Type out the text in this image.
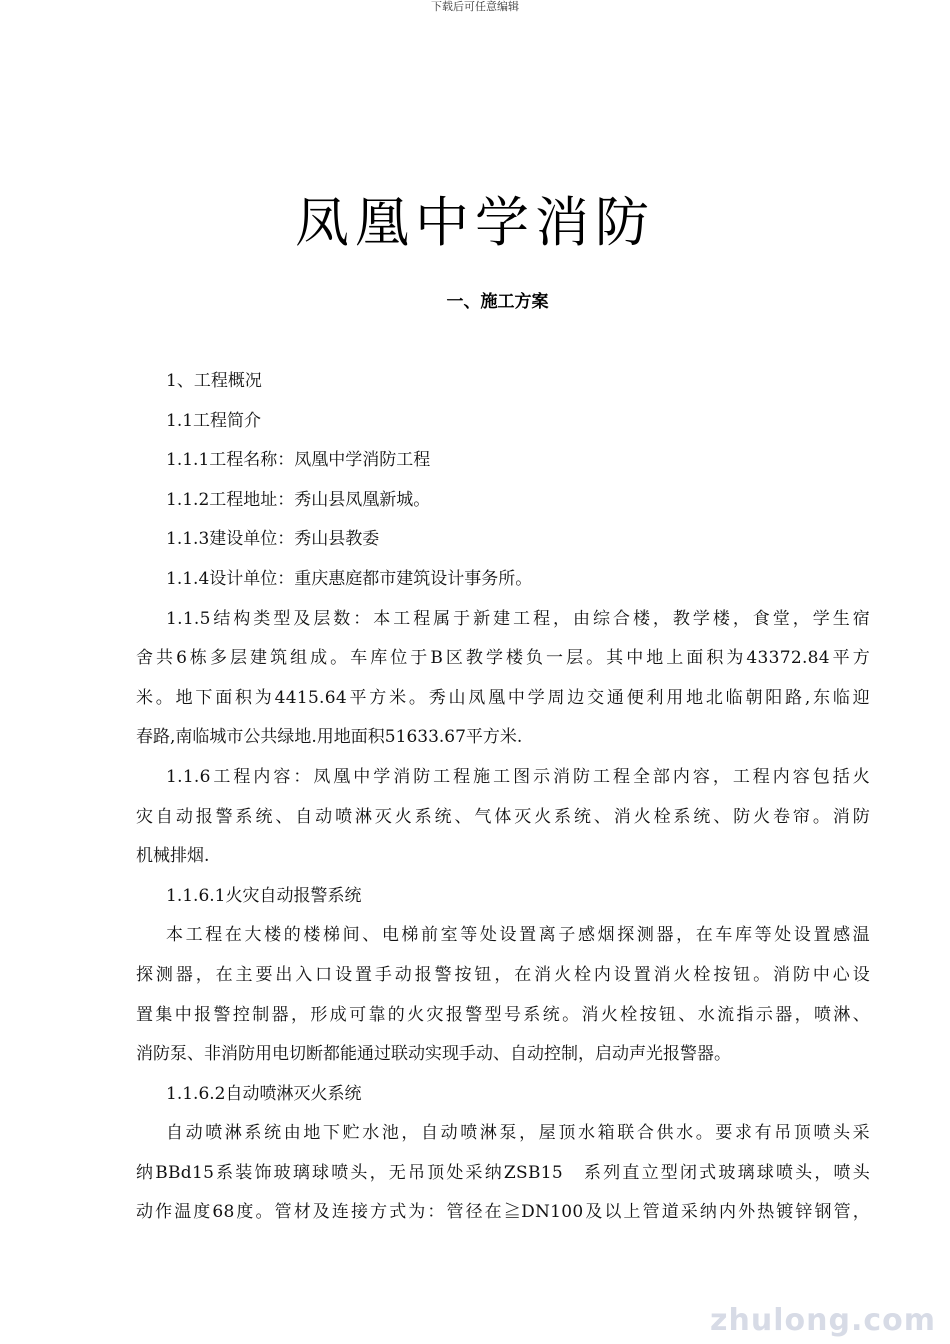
下载后可任意编辑
凤凰中学消防
一、施工方案
1、工程概况
1.1工程简介
1.1.1工程名称：凤凰中学消防工程
1.1.2工程地址：秀山县凤凰新城。
1.1.3建设单位：秀山县教委
1.1.4设计单位：重庆惠庭都市建筑设计事务所。
1.1.5结构类型及层数：本工程属于新建工程，由综合楼，教学楼，食堂，学生宿
舍共6栋多层建筑组成。车库位于B区教学楼负一层。其中地上面积为43372.84平方
米。地下面积为4415.64平方米。秀山凤凰中学周边交通便利用地北临朝阳路,东临迎
春路,南临城市公共绿地.用地面积51633.67平方米.
1.1.6工程内容：凤凰中学消防工程施工图示消防工程全部内容，工程内容包括火
灾自动报警系统、自动喷淋灭火系统、气体灭火系统、消火栓系统、防火卷帘。消防
机械排烟.
1.1.6.1火灾自动报警系统
本工程在大楼的楼梯间、电梯前室等处设置离子感烟探测器，在车库等处设置感温
探测器，在主要出入口设置手动报警按钮，在消火栓内设置消火栓按钮。消防中心设
置集中报警控制器，形成可靠的火灾报警型号系统。消火栓按钮、水流指示器，喷淋、
消防泵、非消防用电切断都能通过联动实现手动、自动控制，启动声光报警器。
1.1.6.2自动喷淋灭火系统
自动喷淋系统由地下贮水池，自动喷淋泵，屋顶水箱联合供水。要求有吊顶喷头采
纳BBd15系装饰玻璃球喷头，无吊顶处采纳ZSB15　系列直立型闭式玻璃球喷头，喷头
动作温度68度。管材及连接方式为：管径在≧DN100及以上管道采纳内外热镀锌钢管，
zhulong.com
